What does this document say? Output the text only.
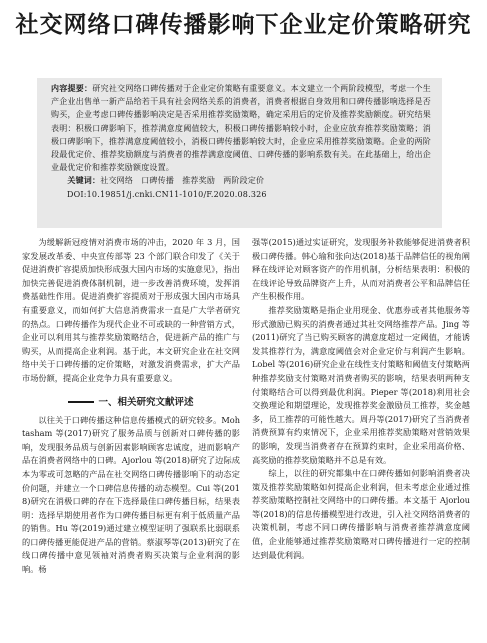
社交网络口碑传播影响下企业定价策略研究
内容提要：研究社交网络口碑传播对于企业定价策略有重要意义。本文建立一个两阶段模型，考虑一个生产企业出售单一新产品给若干具有社会网络关系的消费者，消费者根据自身效用和口碑传播影响选择是否购买，企业考虑口碑传播影响决定是否采用推荐奖励策略，确定采用后的定价及推荐奖励额度。研究结果表明：积极口碑影响下，推荐满意度阈值较大，积极口碑传播影响较小时，企业应放弃推荐奖励策略；消极口碑影响下，推荐满意度阈值较小，消极口碑传播影响较大时，企业应采用推荐奖励策略。企业的两阶段最优定价、推荐奖励额度与消费者的推荐满意度阈值、口碑传播的影响系数有关。在此基础上，给出企业最优定价和推荐奖励额度设置。
　　关键词：社交网络　口碑传播　推荐奖励　两阶段定价
DOI:10.19851/j.cnki.CN11-1010/F.2020.08.326

为缓解新冠疫情对消费市场的冲击，2020 年 3 月，国家发展改革委、中央宣传部等 23 个部门联合印发了《关于促进消费扩容提质加快形成强大国内市场的实施意见》，指出加快完善促进消费体制机制，进一步改善消费环境，发挥消费基础性作用。促进消费扩容提质对于形成强大国内市场具有重要意义，而如何扩大信息消费需求一直是广大学者研究的热点。口碑传播作为现代企业不可或缺的一种营销方式，企业可以利用其与推荐奖励策略结合，促进新产品的推广与购买，从而提高企业利润。基于此，本文研究企业在社交网络中关于口碑传播的定价策略，对激发消费需求，扩大产品市场份额，提高企业竞争力具有重要意义。

一、相关研究文献评述

以往关于口碑传播这种信息传播模式的研究较多。Mohtasham 等(2017)研究了服务品质与创新对口碑传播的影响，发现服务品质与创新因素影响顾客忠诚度，进而影响产品在消费者网络中的口碑。Ajorlou 等(2018)研究了边际成本为零或可忽略的产品在社交网络口碑传播影响下的动态定价问题，并建立一个口碑信息传播的动态模型。Cui 等(2018)研究在消极口碑的存在下选择最佳口碑传播目标，结果表明：选择早期使用者作为口碑传播目标更有利于低质量产品的销售。Hu 等(2019)通过建立模型证明了强联系比弱联系的口碑传播更能促进产品的营销。蔡淑琴等(2013)研究了在线口碑传播中意见领袖对消费者购买决策与企业利润的影响。杨

强等(2015)通过实证研究，发现服务补救能够促进消费者积极口碑传播。韩心瑜和张向达(2018)基于品牌信任的视角阐释在线评论对顾客资产的作用机制，分析结果表明：积极的在线评论导致品牌资产上升，从而对消费者公平和品牌信任产生积极作用。

推荐奖励策略是指企业用现金、优惠券或者其他服务等形式激励已购买的消费者通过其社交网络推荐产品。Jing 等(2011)研究了当已购买顾客的满意度超过一定阈值，才能诱发其推荐行为，满意度阈值会对企业定价与利润产生影响。Lobel 等(2016)研究企业在线性支付策略和阈值支付策略两种推荐奖励支付策略对消费者购买的影响，结果表明两种支付策略结合可以得到最优利润。Pieper 等(2018)利用社会交换理论和期望理论，发现推荐奖金激励员工推荐，奖金越多，员工推荐的可能性越大。周丹等(2017)研究了当消费者消费预算有约束情况下，企业采用推荐奖励策略对营销效果的影响，发现当消费者存在预算约束时，企业采用高价格、高奖励的推荐奖励策略并不总是有效。

综上，以往的研究都集中在口碑传播如何影响消费者决策及推荐奖励策略如何提高企业利润，但未考虑企业通过推荐奖励策略控制社交网络中的口碑传播。本文基于 Ajorlou 等(2018)的信息传播模型进行改进，引入社交网络消费者的决策机制，考虑不同口碑传播影响与消费者推荐满意度阈值，企业能够通过推荐奖励策略对口碑传播进行一定的控制达到最优利润。
